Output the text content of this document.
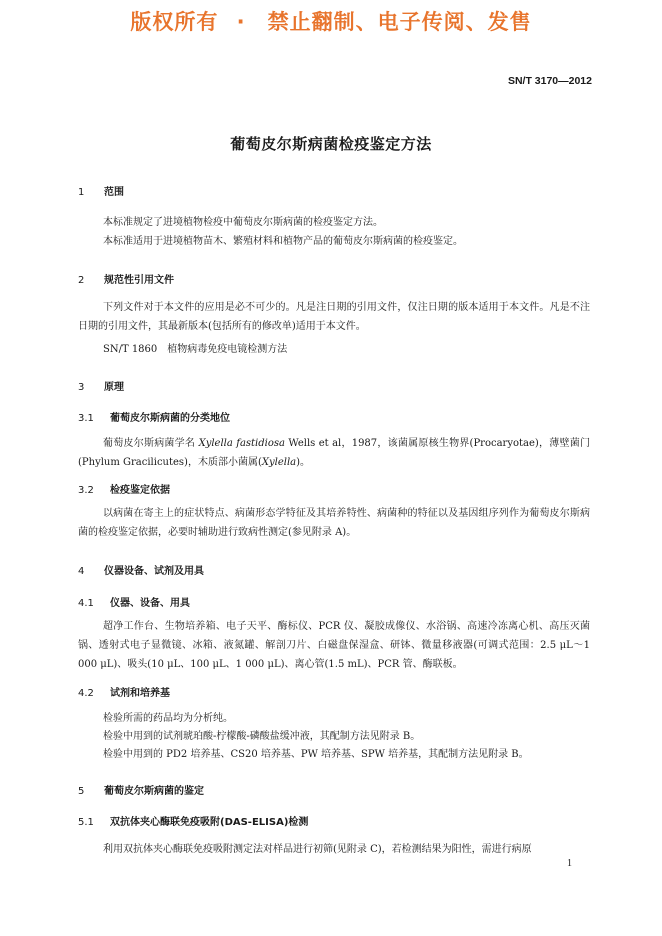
版权所有 ·　禁止翻制、电子传阅、发售
SN/T 3170—2012
葡萄皮尔斯病菌检疫鉴定方法
1 范围
本标准规定了进境植物检疫中葡萄皮尔斯病菌的检疫鉴定方法。
本标准适用于进境植物苗木、繁殖材料和植物产品的葡萄皮尔斯病菌的检疫鉴定。
2 规范性引用文件
下列文件对于本文件的应用是必不可少的。凡是注日期的引用文件，仅注日期的版本适用于本文件。凡是不注日期的引用文件，其最新版本(包括所有的修改单)适用于本文件。
SN/T 1860　植物病毒免疫电镜检测方法
3 原理
3.1 葡萄皮尔斯病菌的分类地位
葡萄皮尔斯病菌学名 Xylella fastidiosa Wells et al，1987，该菌属原核生物界(Procaryotae)，薄壁菌门(Phylum Gracilicutes)，木质部小菌属(Xylella)。
3.2 检疫鉴定依据
以病菌在寄主上的症状特点、病菌形态学特征及其培养特性、病菌种的特征以及基因组序列作为葡萄皮尔斯病菌的检疫鉴定依据，必要时辅助进行致病性测定(参见附录 A)。
4 仪器设备、试剂及用具
4.1 仪器、设备、用具
超净工作台、生物培养箱、电子天平、酶标仪、PCR 仪、凝胶成像仪、水浴锅、高速冷冻离心机、高压灭菌锅、透射式电子显微镜、冰箱、液氮罐、解剖刀片、白磁盘保湿盒、研钵、微量移液器(可调式范围：2.5 μL～1 000 μL)、吸头(10 μL、100 μL、1 000 μL)、离心管(1.5 mL)、PCR 管、酶联板。
4.2 试剂和培养基
检验所需的药品均为分析纯。
检验中用到的试剂琥珀酸-柠檬酸-磷酸盐缓冲液，其配制方法见附录 B。
检验中用到的 PD2 培养基、CS20 培养基、PW 培养基、SPW 培养基，其配制方法见附录 B。
5 葡萄皮尔斯病菌的鉴定
5.1 双抗体夹心酶联免疫吸附(DAS-ELISA)检测
利用双抗体夹心酶联免疫吸附测定法对样品进行初筛(见附录 C)，若检测结果为阳性，需进行病原
1
